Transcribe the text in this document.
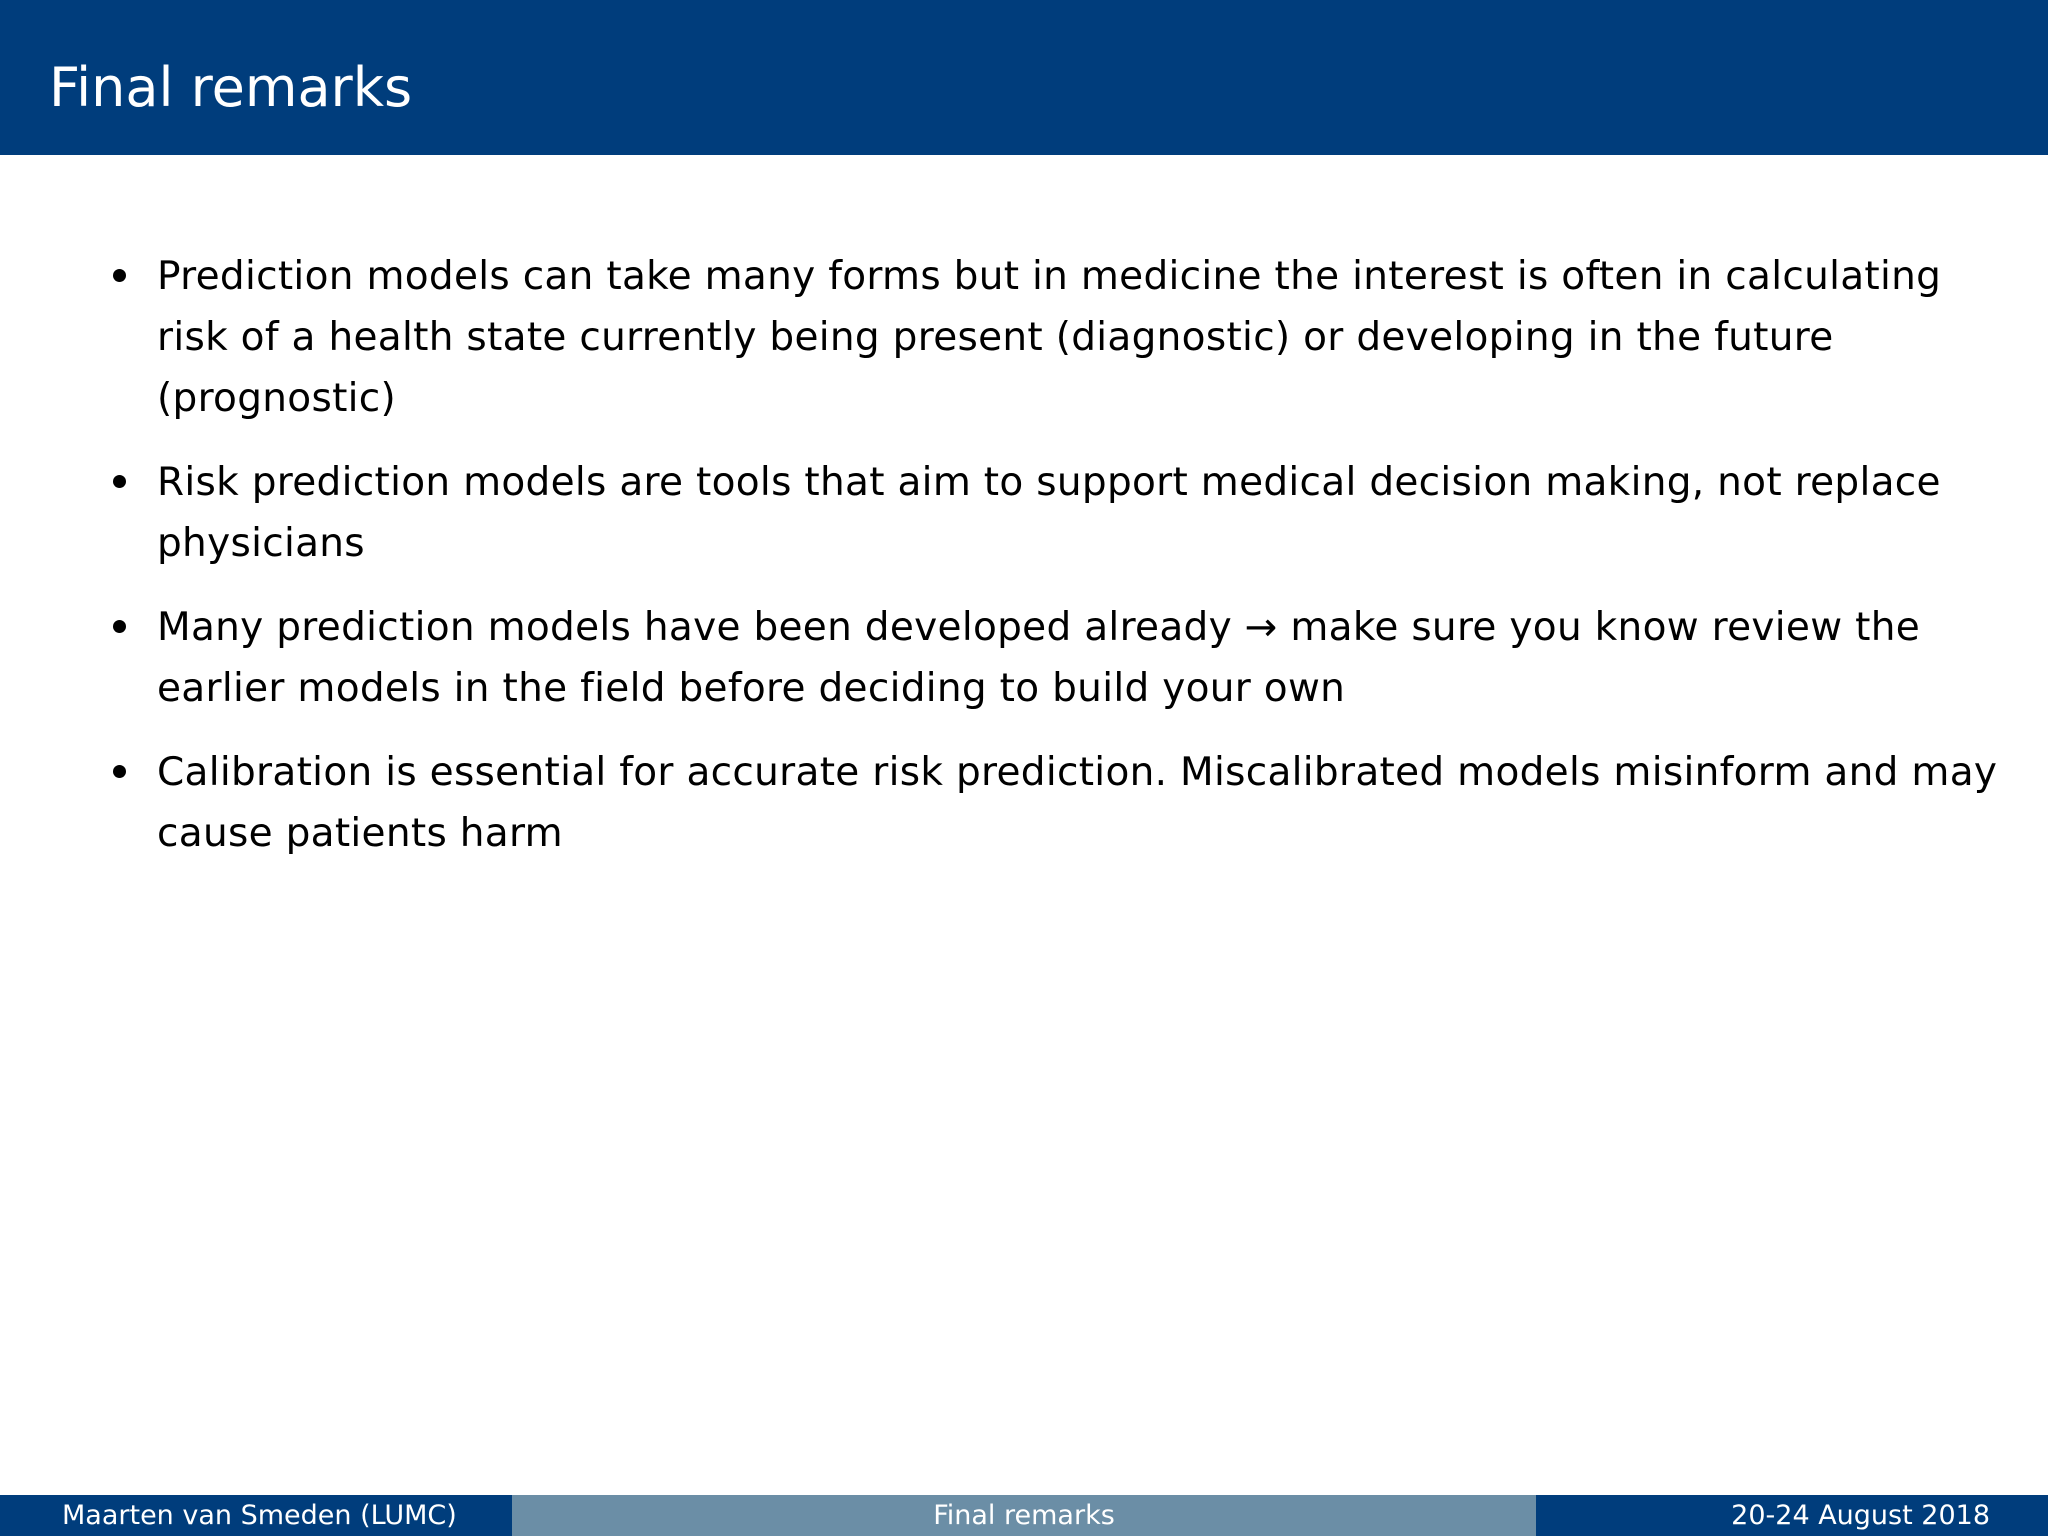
Final remarks
Prediction models can take many forms but in medicine the interest is often in calculating risk of a health state currently being present (diagnostic) or developing in the future (prognostic)
Risk prediction models are tools that aim to support medical decision making, not replace physicians
Many prediction models have been developed already → make sure you know review the earlier models in the field before deciding to build your own
Calibration is essential for accurate risk prediction. Miscalibrated models misinform and may cause patients harm
Maarten van Smeden (LUMC)	Final remarks	20-24 August 2018
